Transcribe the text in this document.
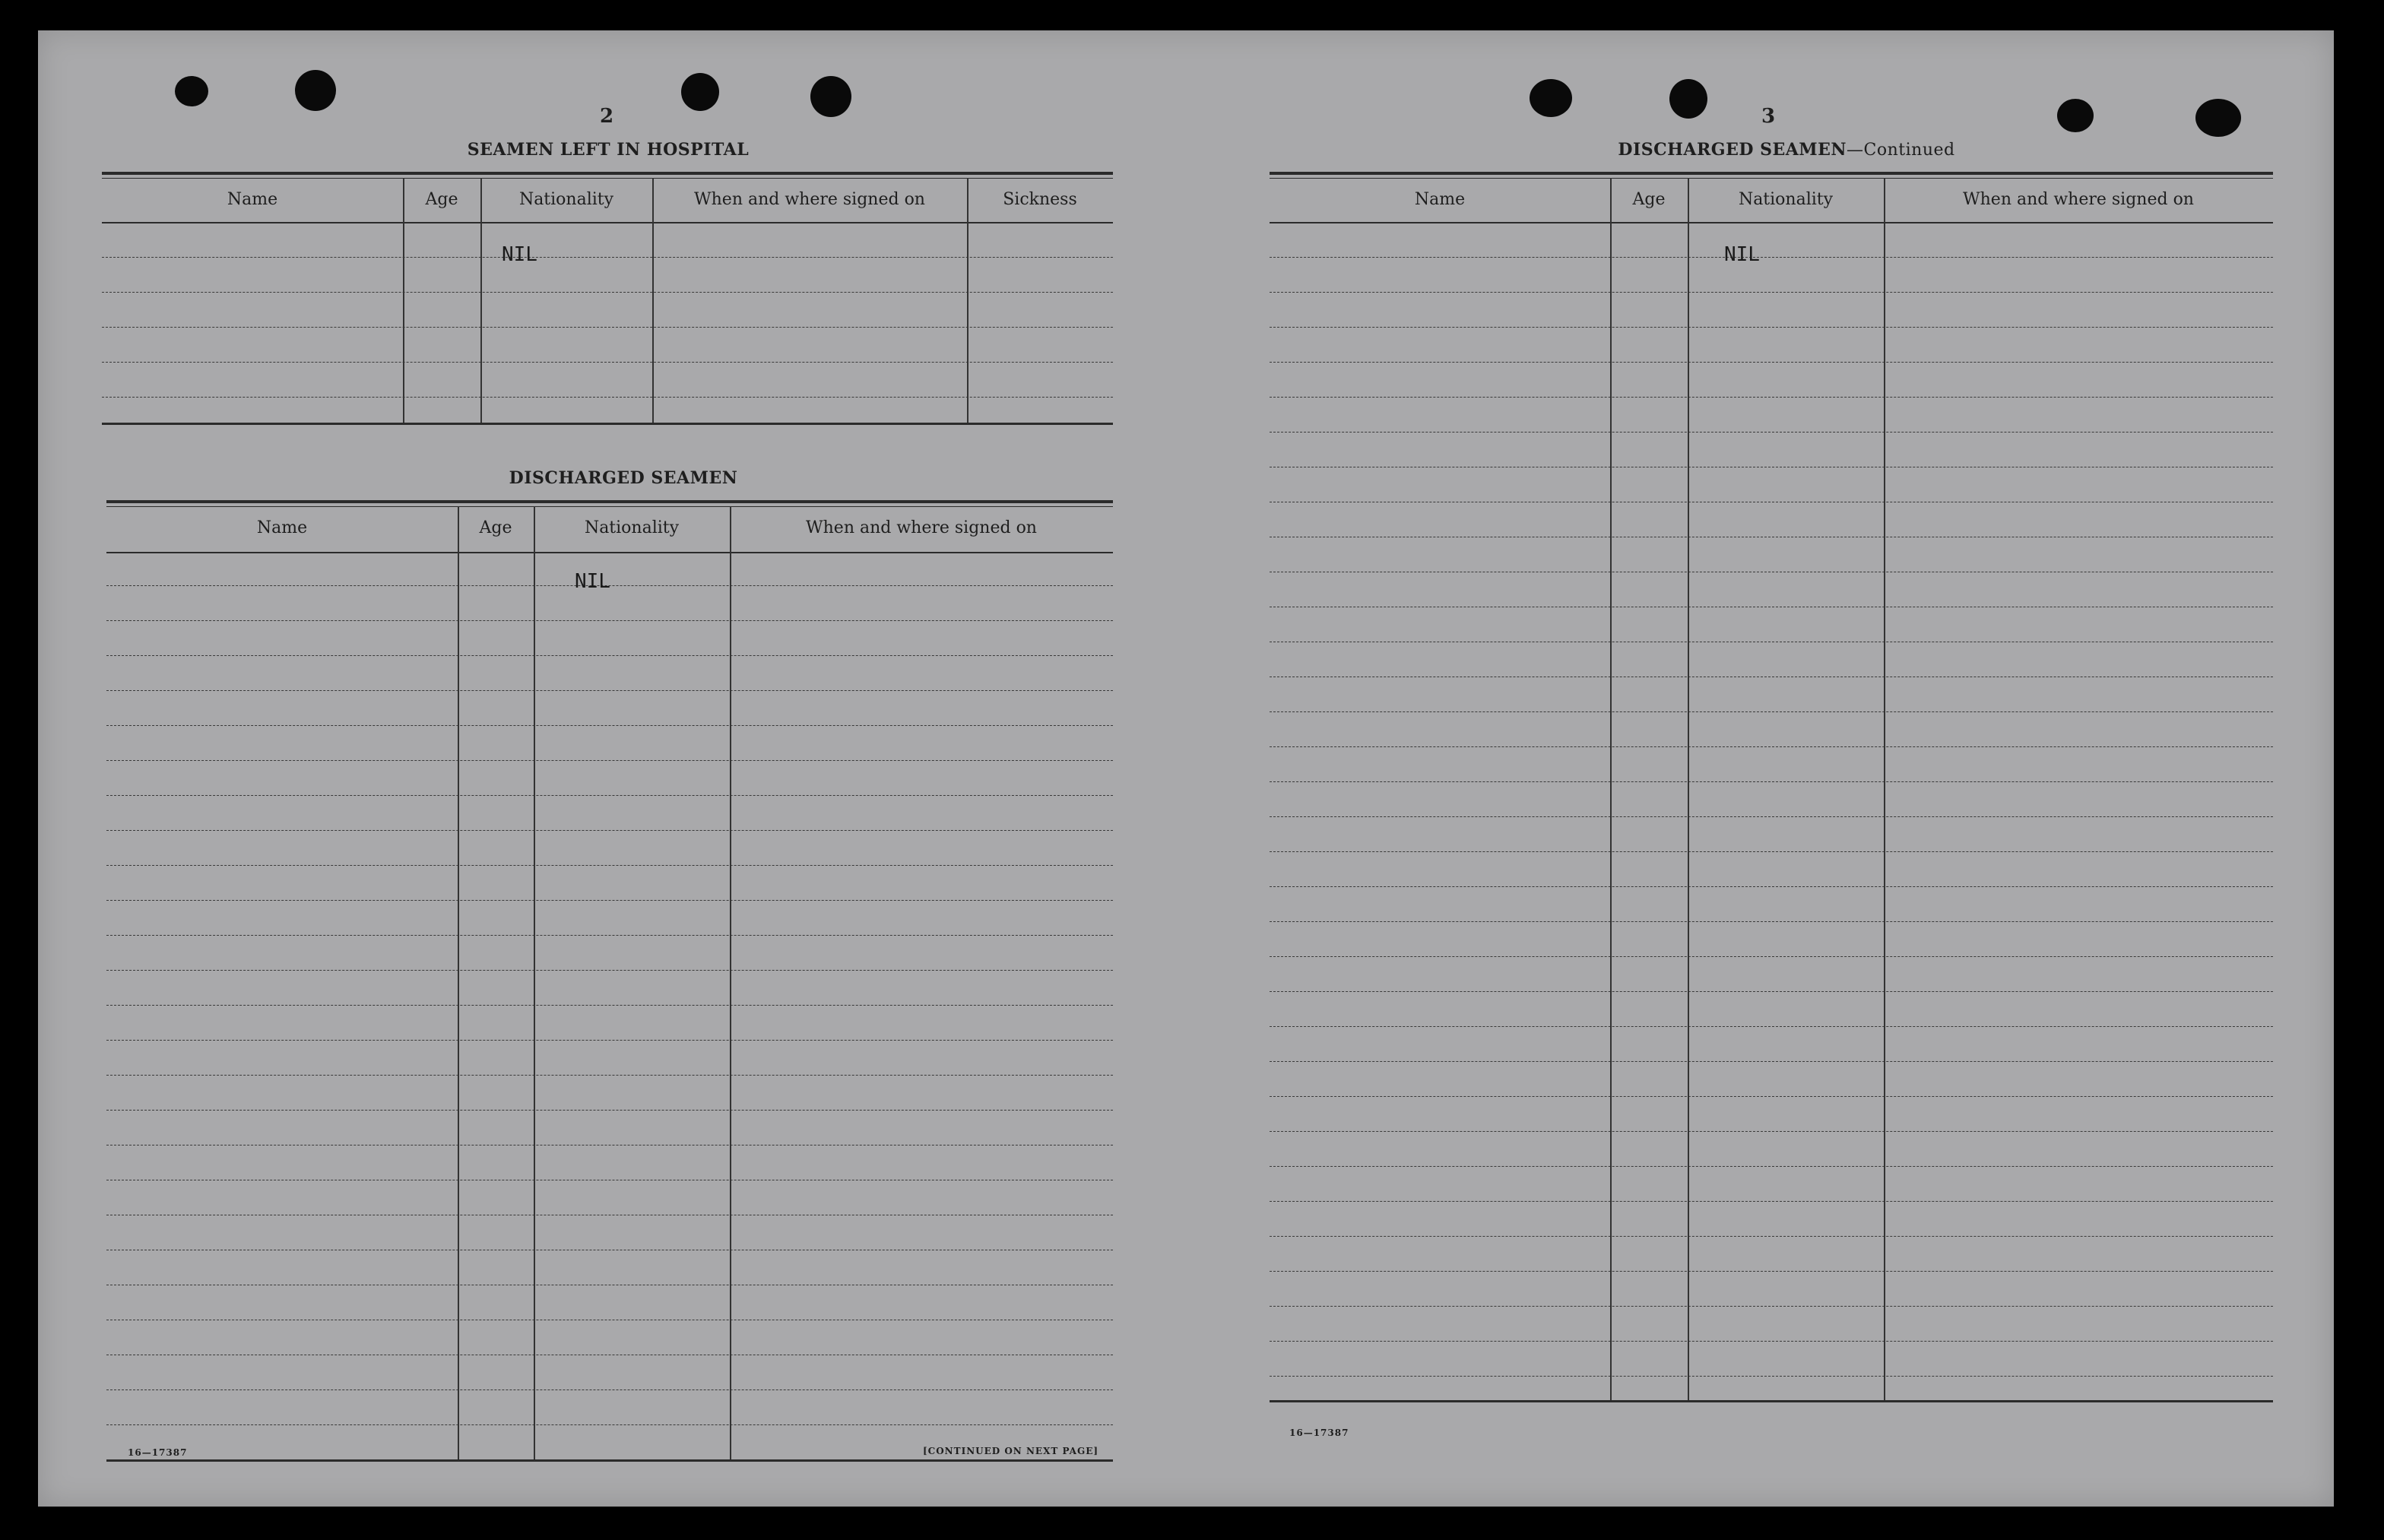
2
SEAMEN LEFT IN HOSPITAL
Name	Age	Nationality	When and where signed on	Sickness
NIL
DISCHARGED SEAMEN
Name	Age	Nationality	When and where signed on
NIL
16—17387	[CONTINUED ON NEXT PAGE]
3
DISCHARGED SEAMEN—Continued
Name	Age	Nationality	When and where signed on
NIL
16—17387
